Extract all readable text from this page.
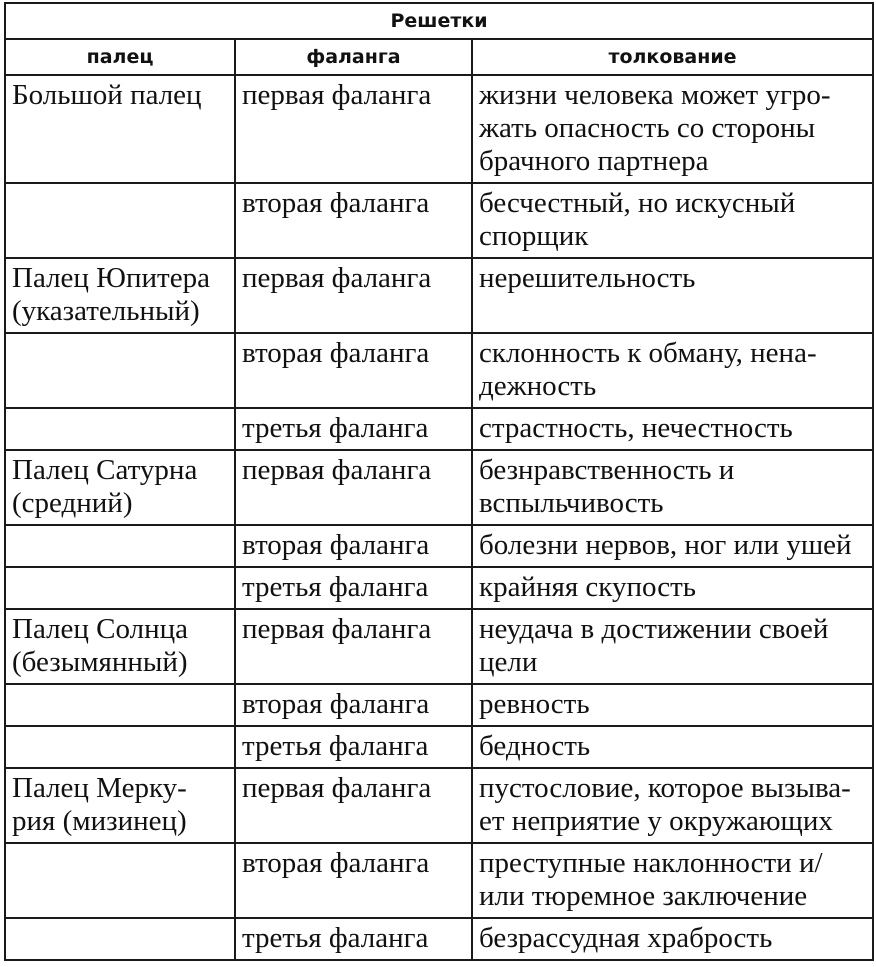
Решетки		
палец	фаланга	толкование
Большой палец	первая фаланга	жизни человека может угро-
жать опасность со стороны
брачного партнера
	вторая фаланга	бесчестный, но искусный
спорщик
Палец Юпитера
(указательный)	первая фаланга	нерешительность
	вторая фаланга	склонность к обману, нена-
дежность
	третья фаланга	страстность, нечестность
Палец Сатурна
(средний)	первая фаланга	безнравственность и
вспыльчивость
	вторая фаланга	болезни нервов, ног или ушей
	третья фаланга	крайняя скупость
Палец Солнца
(безымянный)	первая фаланга	неудача в достижении своей
цели
	вторая фаланга	ревность
	третья фаланга	бедность
Палец Мерку-
рия (мизинец)	первая фаланга	пустословие, которое вызыва-
ет неприятие у окружающих
	вторая фаланга	преступные наклонности и/
или тюремное заключение
	третья фаланга	безрассудная храбрость
